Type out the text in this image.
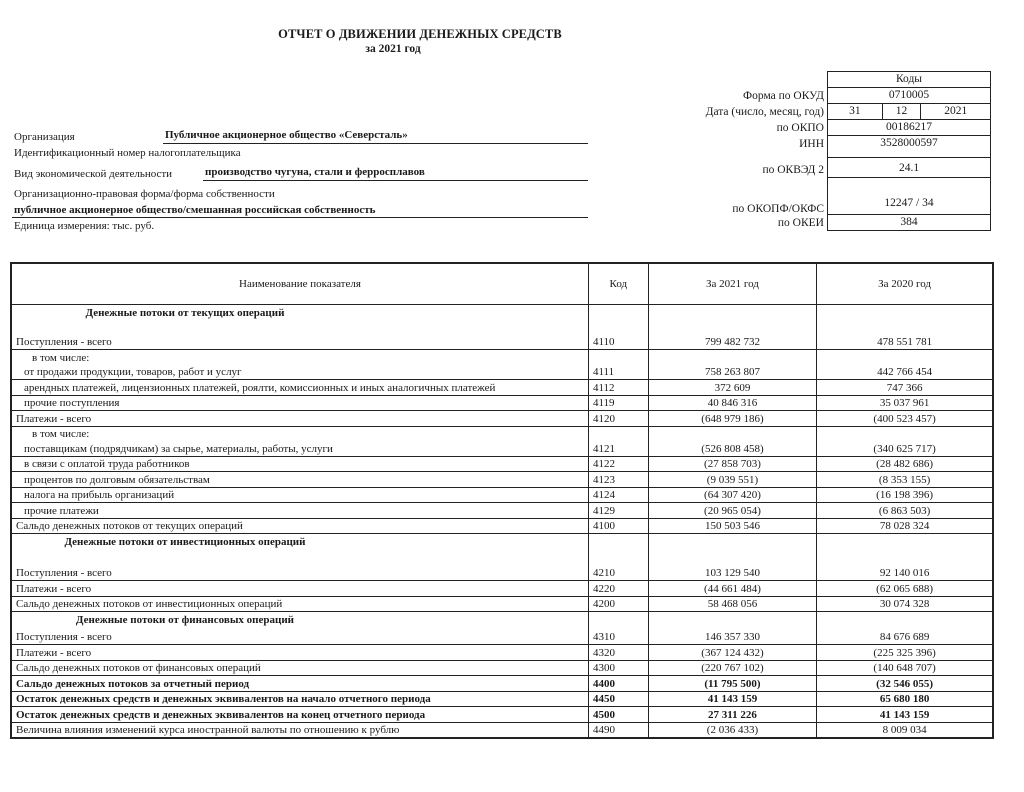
ОТЧЕТ О ДВИЖЕНИИ ДЕНЕЖНЫХ СРЕДСТВ
за 2021 год
Коды
Форма по ОКУД	0710005
Дата (число, месяц, год)	31	12	2021
по ОКПО	00186217
ИНН	3528000597
по ОКВЭД 2	24.1
по ОКОПФ/ОКФС	12247 / 34
по ОКЕИ	384
Организация	Публичное акционерное общество «Северсталь»
Идентификационный номер налогоплательщика
Вид экономической деятельности	производство чугуна, стали и ферросплавов
Организационно-правовая форма/форма собственности
публичное акционерное общество/смешанная российская собственность
Единица измерения: тыс. руб.
Наименование показателя	Код	За 2021 год	За 2020 год

Денежные потоки от текущих операций
Поступления - всего	4110	799 482 732	478 551 781
в том числе:			
от продажи продукции, товаров, работ и услуг	4111	758 263 807	442 766 454
арендных платежей, лицензионных платежей, роялти, комиссионных и иных аналогичных платежей	4112	372 609	747 366
прочие поступления	4119	40 846 316	35 037 961
Платежи - всего	4120	(648 979 186)	(400 523 457)
в том числе:			
поставщикам (подрядчикам) за сырье, материалы, работы, услуги	4121	(526 808 458)	(340 625 717)
в связи с оплатой труда работников	4122	(27 858 703)	(28 482 686)
процентов по долговым обязательствам	4123	(9 039 551)	(8 353 155)
налога на прибыль организаций	4124	(64 307 420)	(16 198 396)
прочие платежи	4129	(20 965 054)	(6 863 503)
Сальдо денежных потоков от текущих операций	4100	150 503 546	78 028 324

Денежные потоки от инвестиционных операций
Поступления - всего	4210	103 129 540	92 140 016
Платежи - всего	4220	(44 661 484)	(62 065 688)
Сальдо денежных потоков от инвестиционных операций	4200	58 468 056	30 074 328

Денежные потоки от финансовых операций
Поступления - всего	4310	146 357 330	84 676 689
Платежи - всего	4320	(367 124 432)	(225 325 396)
Сальдо денежных потоков от финансовых операций	4300	(220 767 102)	(140 648 707)
Сальдо денежных потоков за отчетный период	4400	(11 795 500)	(32 546 055)
Остаток денежных средств и денежных эквивалентов на начало отчетного периода	4450	41 143 159	65 680 180
Остаток денежных средств и денежных эквивалентов на конец отчетного периода	4500	27 311 226	41 143 159
Величина влияния изменений курса иностранной валюты по отношению к рублю	4490	(2 036 433)	8 009 034
